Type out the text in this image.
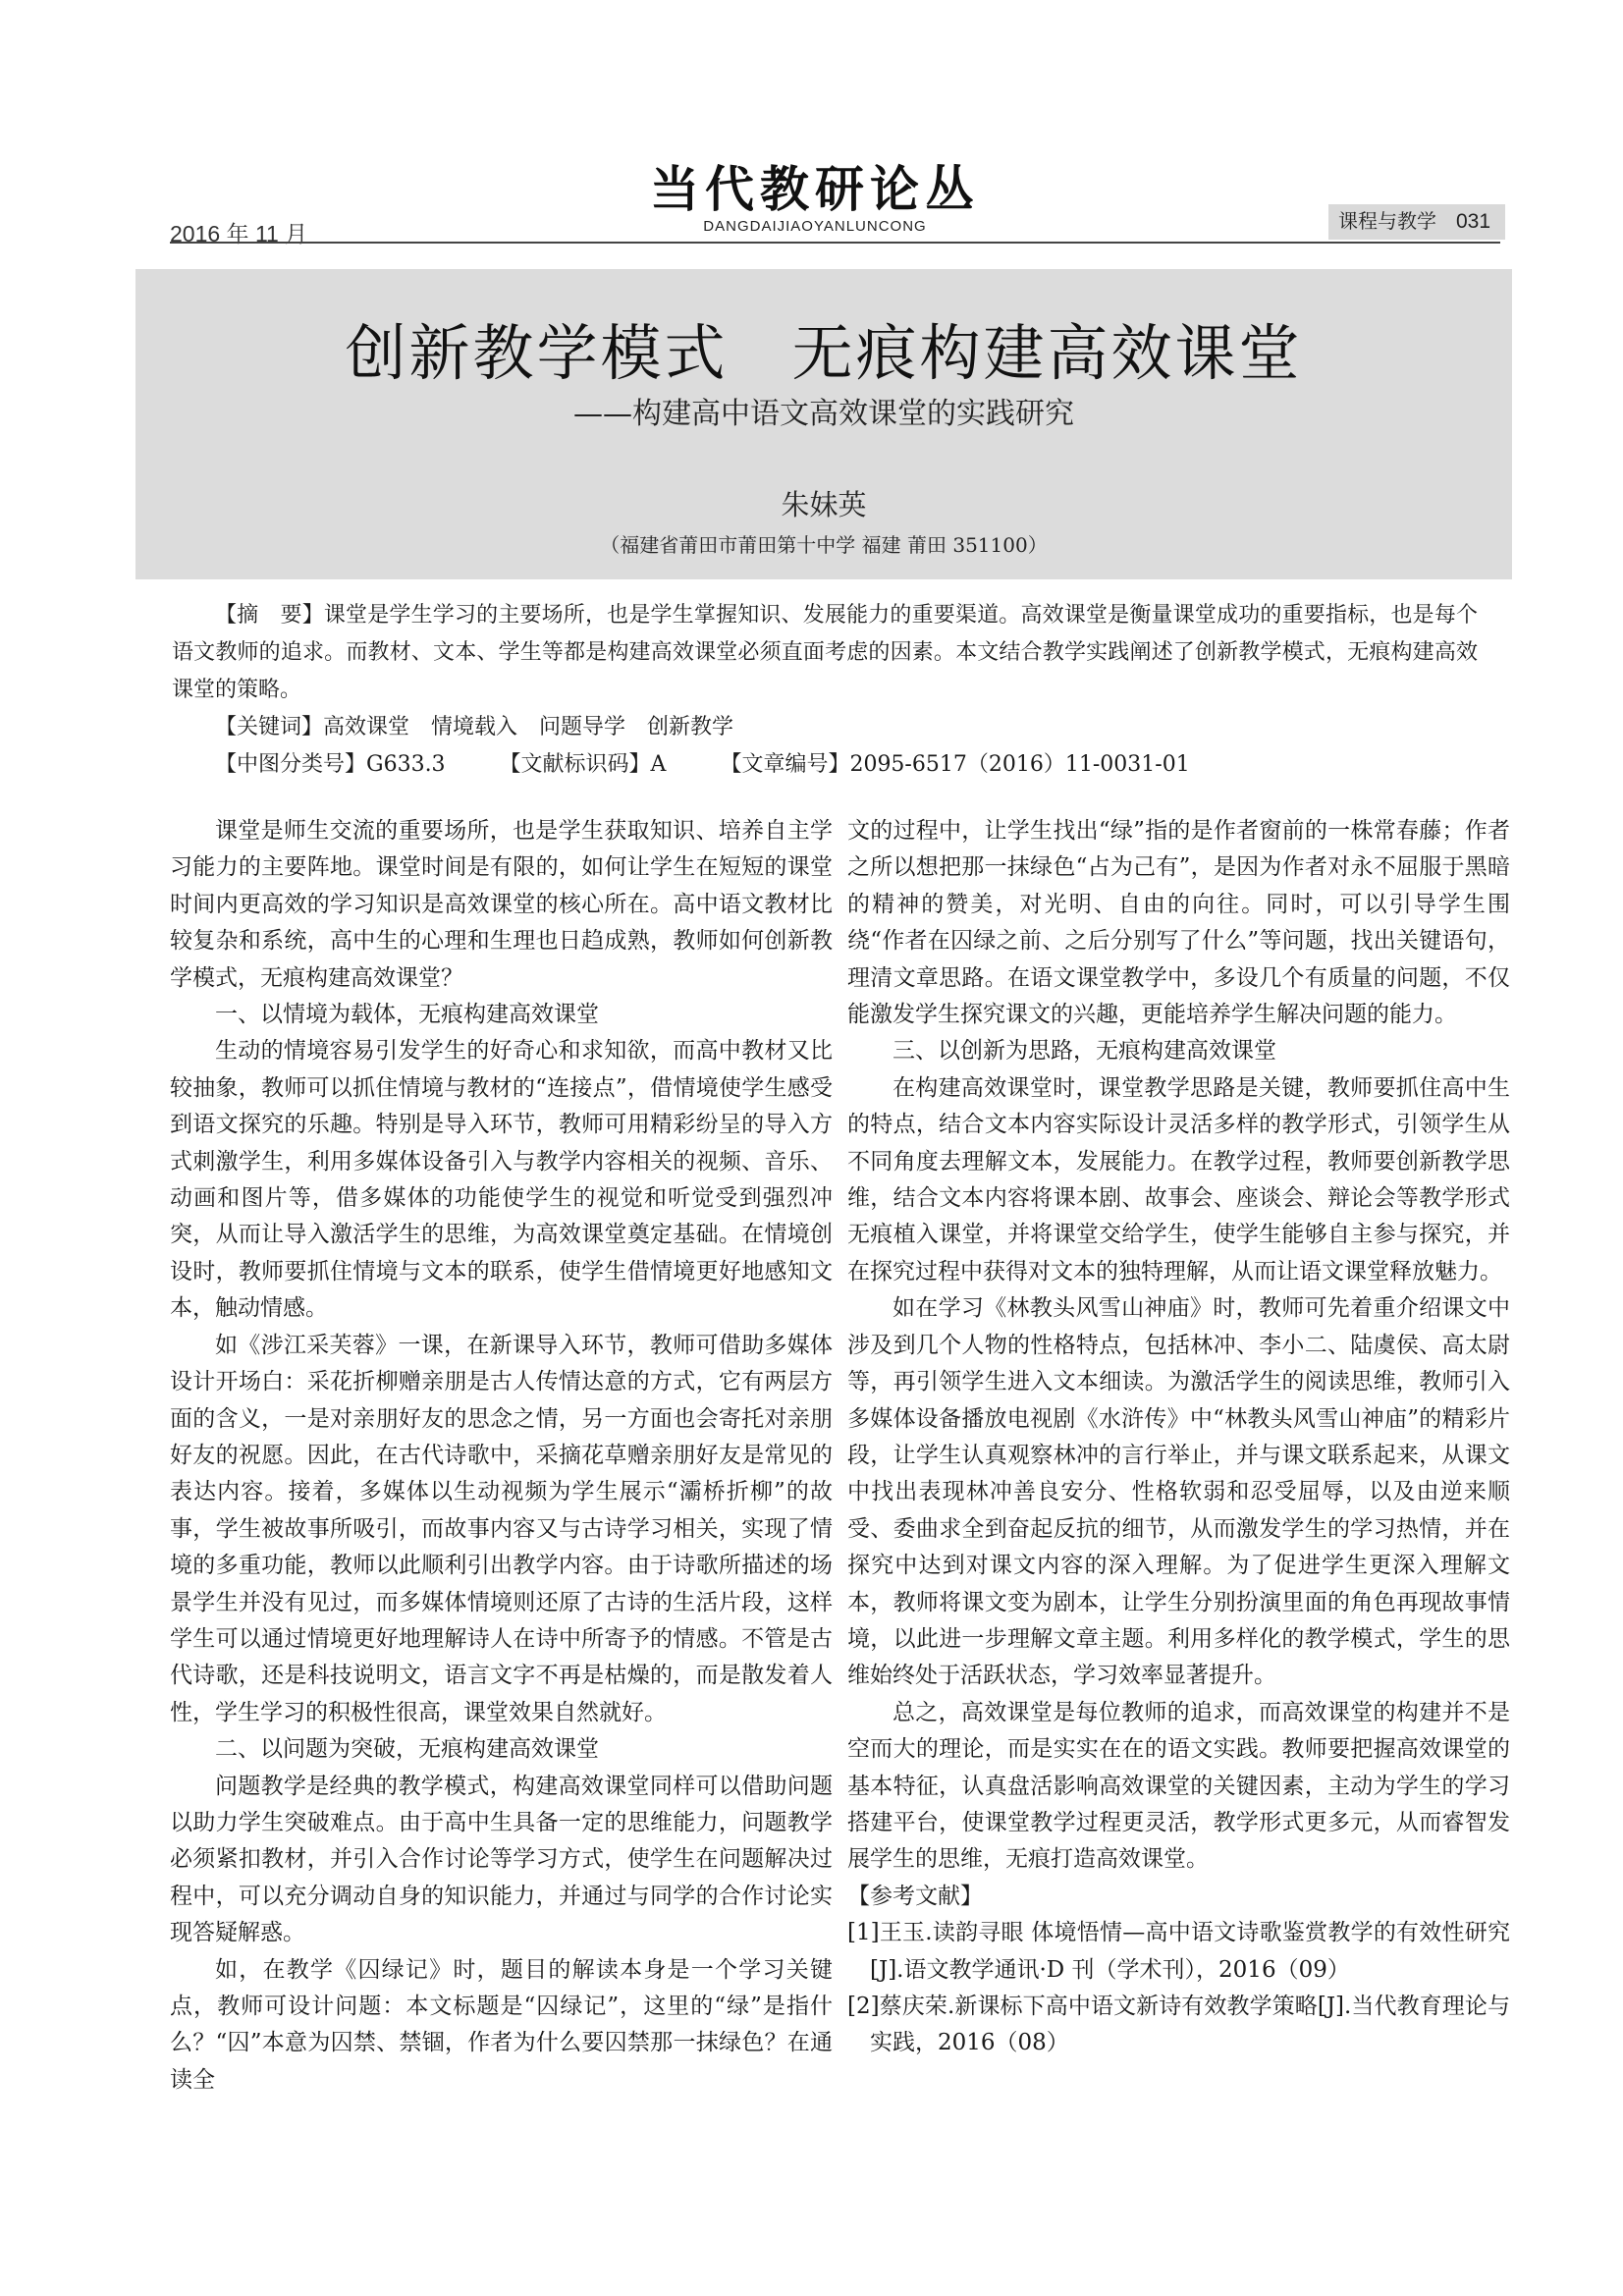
2016 年 11 月
当代教研论丛
DANGDAIJIAOYANLUNCONG	课程与教学 031
创新教学模式　无痕构建高效课堂
——构建高中语文高效课堂的实践研究
朱妹英
（福建省莆田市莆田第十中学 福建 莆田 351100）

【摘　要】课堂是学生学习的主要场所，也是学生掌握知识、发展能力的重要渠道。高效课堂是衡量课堂成功的重要指标，也是每个语文教师的追求。而教材、文本、学生等都是构建高效课堂必须直面考虑的因素。本文结合教学实践阐述了创新教学模式，无痕构建高效课堂的策略。

【关键词】高效课堂　情境载入　问题导学　创新教学

【中图分类号】G633.3　　　【文献标识码】A　　　【文章编号】2095-6517（2016）11-0031-01

课堂是师生交流的重要场所，也是学生获取知识、培养自主学习能力的主要阵地。课堂时间是有限的，如何让学生在短短的课堂时间内更高效的学习知识是高效课堂的核心所在。高中语文教材比较复杂和系统，高中生的心理和生理也日趋成熟，教师如何创新教学模式，无痕构建高效课堂？

一、以情境为载体，无痕构建高效课堂

生动的情境容易引发学生的好奇心和求知欲，而高中教材又比较抽象，教师可以抓住情境与教材的“连接点”，借情境使学生感受到语文探究的乐趣。特别是导入环节，教师可用精彩纷呈的导入方式刺激学生，利用多媒体设备引入与教学内容相关的视频、音乐、动画和图片等，借多媒体的功能使学生的视觉和听觉受到强烈冲突，从而让导入激活学生的思维，为高效课堂奠定基础。在情境创设时，教师要抓住情境与文本的联系，使学生借情境更好地感知文本，触动情感。

如《涉江采芙蓉》一课，在新课导入环节，教师可借助多媒体设计开场白：采花折柳赠亲朋是古人传情达意的方式，它有两层方面的含义，一是对亲朋好友的思念之情，另一方面也会寄托对亲朋好友的祝愿。因此，在古代诗歌中，采摘花草赠亲朋好友是常见的表达内容。接着，多媒体以生动视频为学生展示“灞桥折柳”的故事，学生被故事所吸引，而故事内容又与古诗学习相关，实现了情境的多重功能，教师以此顺利引出教学内容。由于诗歌所描述的场景学生并没有见过，而多媒体情境则还原了古诗的生活片段，这样学生可以通过情境更好地理解诗人在诗中所寄予的情感。不管是古代诗歌，还是科技说明文，语言文字不再是枯燥的，而是散发着人性，学生学习的积极性很高，课堂效果自然就好。

二、以问题为突破，无痕构建高效课堂

问题教学是经典的教学模式，构建高效课堂同样可以借助问题以助力学生突破难点。由于高中生具备一定的思维能力，问题教学必须紧扣教材，并引入合作讨论等学习方式，使学生在问题解决过程中，可以充分调动自身的知识能力，并通过与同学的合作讨论实现答疑解惑。

如，在教学《囚绿记》时，题目的解读本身是一个学习关键点，教师可设计问题：本文标题是“囚绿记”，这里的“绿”是指什么？“囚”本意为囚禁、禁锢，作者为什么要囚禁那一抹绿色？在通读全

文的过程中，让学生找出“绿”指的是作者窗前的一株常春藤；作者之所以想把那一抹绿色“占为己有”，是因为作者对永不屈服于黑暗的精神的赞美，对光明、自由的向往。同时，可以引导学生围绕“作者在囚绿之前、之后分别写了什么”等问题，找出关键语句，理清文章思路。在语文课堂教学中，多设几个有质量的问题，不仅能激发学生探究课文的兴趣，更能培养学生解决问题的能力。

三、以创新为思路，无痕构建高效课堂

在构建高效课堂时，课堂教学思路是关键，教师要抓住高中生的特点，结合文本内容实际设计灵活多样的教学形式，引领学生从不同角度去理解文本，发展能力。在教学过程，教师要创新教学思维，结合文本内容将课本剧、故事会、座谈会、辩论会等教学形式无痕植入课堂，并将课堂交给学生，使学生能够自主参与探究，并在探究过程中获得对文本的独特理解，从而让语文课堂释放魅力。

如在学习《林教头风雪山神庙》时，教师可先着重介绍课文中涉及到几个人物的性格特点，包括林冲、李小二、陆虞侯、高太尉等，再引领学生进入文本细读。为激活学生的阅读思维，教师引入多媒体设备播放电视剧《水浒传》中“林教头风雪山神庙”的精彩片段，让学生认真观察林冲的言行举止，并与课文联系起来，从课文中找出表现林冲善良安分、性格软弱和忍受屈辱，以及由逆来顺受、委曲求全到奋起反抗的细节，从而激发学生的学习热情，并在探究中达到对课文内容的深入理解。为了促进学生更深入理解文本，教师将课文变为剧本，让学生分别扮演里面的角色再现故事情境，以此进一步理解文章主题。利用多样化的教学模式，学生的思维始终处于活跃状态，学习效率显著提升。

总之，高效课堂是每位教师的追求，而高效课堂的构建并不是空而大的理论，而是实实在在的语文实践。教师要把握高效课堂的基本特征，认真盘活影响高效课堂的关键因素，主动为学生的学习搭建平台，使课堂教学过程更灵活，教学形式更多元，从而睿智发展学生的思维，无痕打造高效课堂。

【参考文献】

[1]王玉.读韵寻眼 体境悟情—高中语文诗歌鉴赏教学的有效性研究[J].语文教学通讯·D 刊（学术刊），2016（09）

[2]蔡庆荣.新课标下高中语文新诗有效教学策略[J].当代教育理论与实践，2016（08）
